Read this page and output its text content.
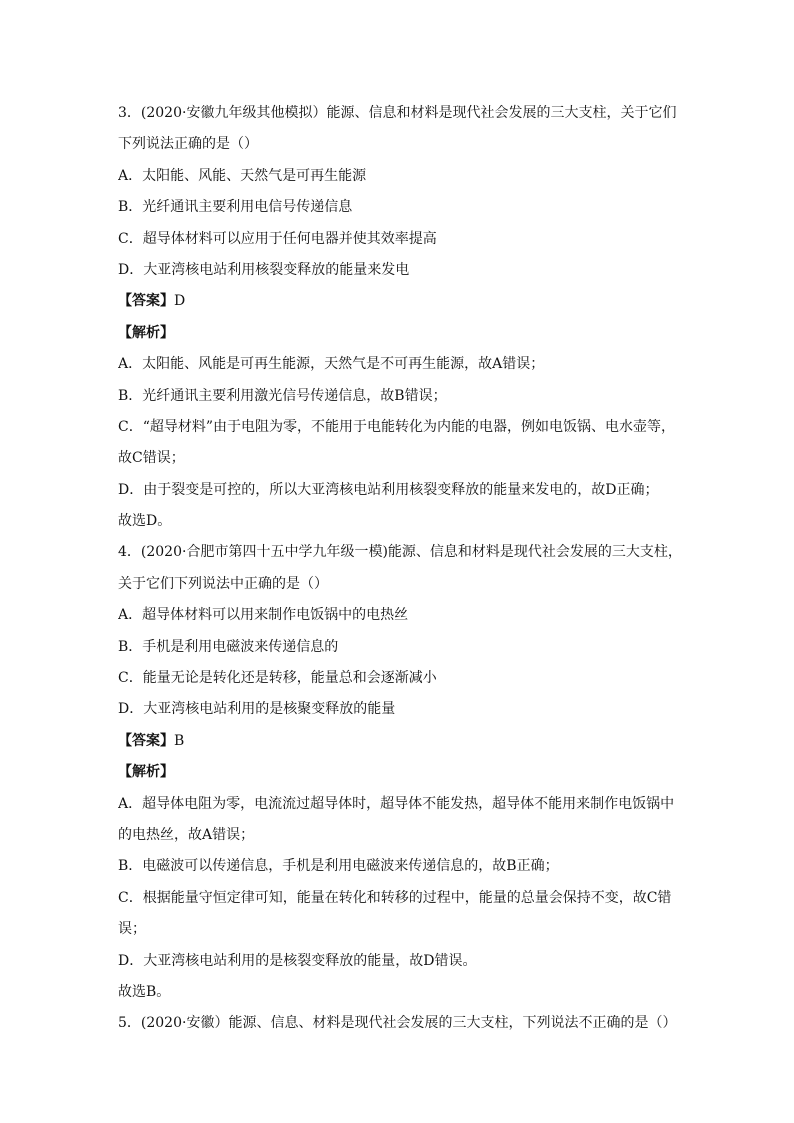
3．(2020·安徽九年级其他模拟）能源、信息和材料是现代社会发展的三大支柱，关于它们
下列说法正确的是（）
A．太阳能、风能、天然气是可再生能源
B．光纤通讯主要利用电信号传递信息
C．超导体材料可以应用于任何电器并使其效率提高
D．大亚湾核电站利用核裂变释放的能量来发电
【答案】D
【解析】
A．太阳能、风能是可再生能源，天然气是不可再生能源，故A错误；
B．光纤通讯主要利用激光信号传递信息，故B错误；
C．“超导材料”由于电阻为零，不能用于电能转化为内能的电器，例如电饭锅、电水壶等，
故C错误；
D．由于裂变是可控的，所以大亚湾核电站利用核裂变释放的能量来发电的，故D正确；
故选D。
4．(2020·合肥市第四十五中学九年级一模)能源、信息和材料是现代社会发展的三大支柱，
关于它们下列说法中正确的是（）
A．超导体材料可以用来制作电饭锅中的电热丝
B．手机是利用电磁波来传递信息的
C．能量无论是转化还是转移，能量总和会逐渐减小
D．大亚湾核电站利用的是核聚变释放的能量
【答案】B
【解析】
A．超导体电阻为零，电流流过超导体时，超导体不能发热，超导体不能用来制作电饭锅中
的电热丝，故A错误；
B．电磁波可以传递信息，手机是利用电磁波来传递信息的，故B正确；
C．根据能量守恒定律可知，能量在转化和转移的过程中，能量的总量会保持不变，故C错
误；
D．大亚湾核电站利用的是核裂变释放的能量，故D错误。
故选B。
5．(2020·安徽）能源、信息、材料是现代社会发展的三大支柱，下列说法不正确的是（）
